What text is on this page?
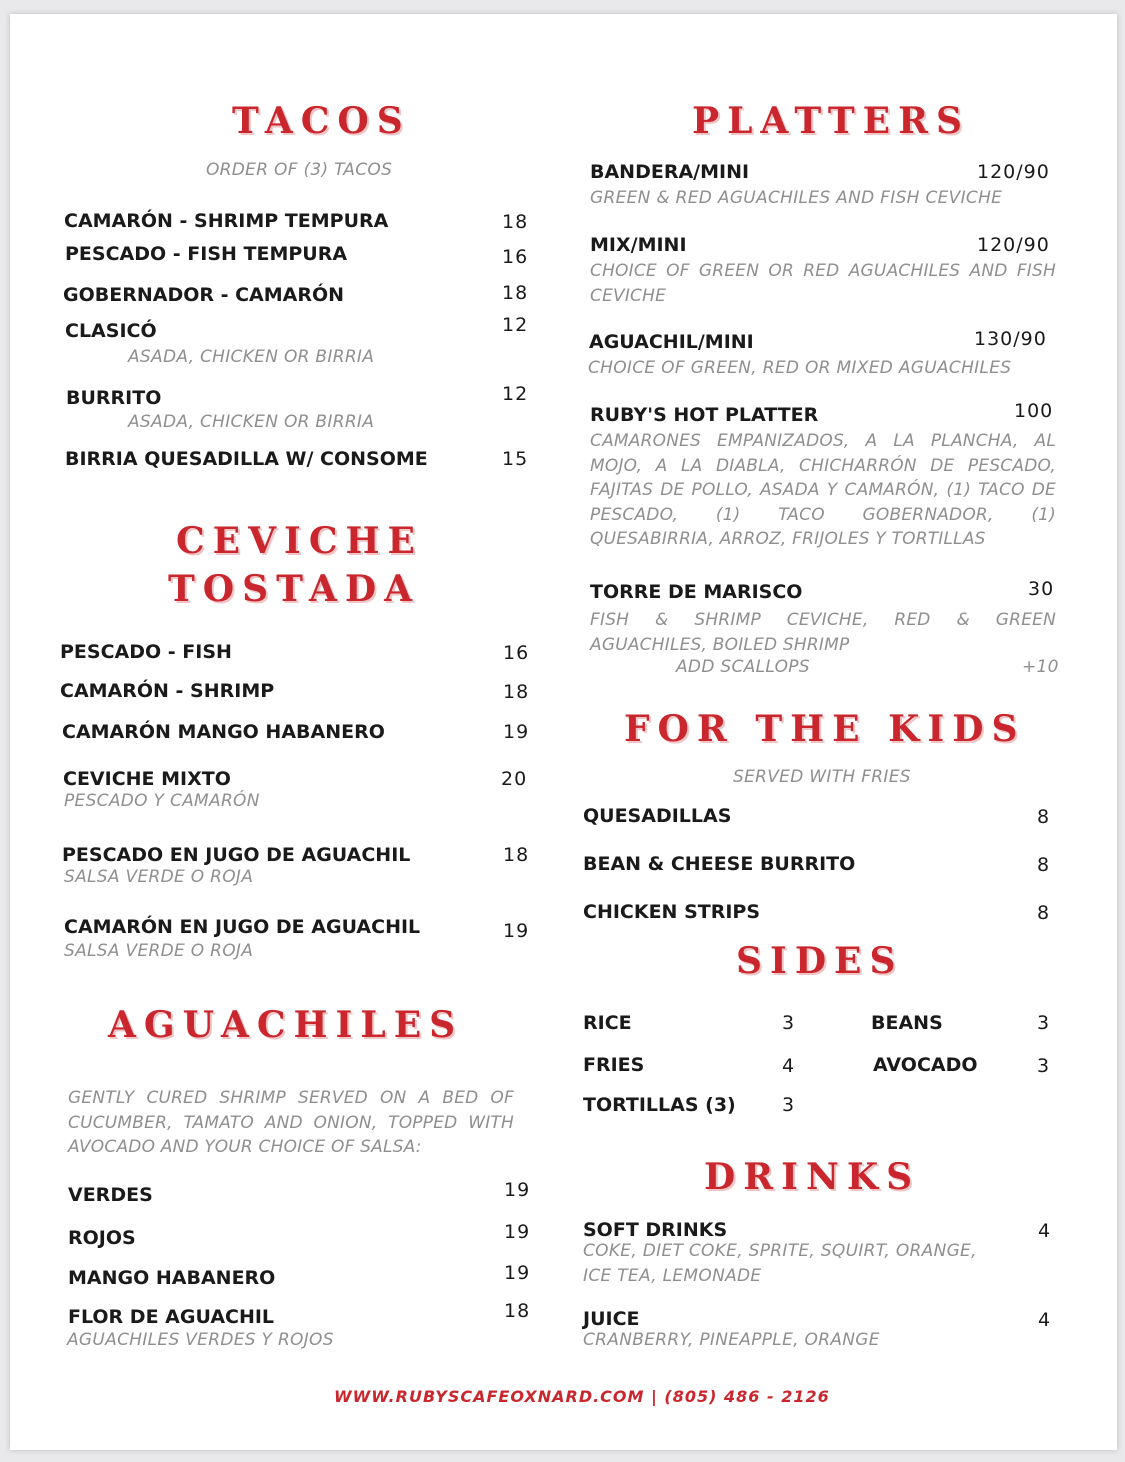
TACOS
ORDER OF (3) TACOS
CAMARÓN - SHRIMP TEMPURA	18
PESCADO - FISH TEMPURA	16
GOBERNADOR - CAMARÓN	18
CLASICÓ	12
ASADA, CHICKEN OR BIRRIA
BURRITO	12
ASADA, CHICKEN OR BIRRIA
BIRRIA QUESADILLA W/ CONSOME	15
CEVICHE
TOSTADA
PESCADO - FISH	16
CAMARÓN - SHRIMP	18
CAMARÓN MANGO HABANERO	19
CEVICHE MIXTO	20
PESCADO Y CAMARÓN
PESCADO EN JUGO DE AGUACHIL	18
SALSA VERDE O ROJA
CAMARÓN EN JUGO DE AGUACHIL	19
SALSA VERDE O ROJA
AGUACHILES
GENTLY CURED SHRIMP SERVED ON A BED OF CUCUMBER, TAMATO AND ONION, TOPPED WITH AVOCADO AND YOUR CHOICE OF SALSA:
VERDES	19
ROJOS	19
MANGO HABANERO	19
FLOR DE AGUACHIL	18
AGUACHILES VERDES Y ROJOS
PLATTERS
BANDERA/MINI	120/90
GREEN & RED AGUACHILES AND FISH CEVICHE
MIX/MINI	120/90
CHOICE OF GREEN OR RED AGUACHILES AND FISH CEVICHE
AGUACHIL/MINI	130/90
CHOICE OF GREEN, RED OR MIXED AGUACHILES
RUBY'S HOT PLATTER	100
CAMARONES EMPANIZADOS, A LA PLANCHA, AL MOJO, A LA DIABLA, CHICHARRÓN DE PESCADO, FAJITAS DE POLLO, ASADA Y CAMARÓN, (1) TACO DE PESCADO, (1) TACO GOBERNADOR, (1) QUESABIRRIA, ARROZ, FRIJOLES Y TORTILLAS
TORRE DE MARISCO	30
FISH & SHRIMP CEVICHE, RED & GREEN AGUACHILES, BOILED SHRIMP
ADD SCALLOPS	+10
FOR THE KIDS
SERVED WITH FRIES
QUESADILLAS	8
BEAN & CHEESE BURRITO	8
CHICKEN STRIPS	8
SIDES
RICE	3
FRIES	4
TORTILLAS (3) 3
BEANS	3
AVOCADO	3
DRINKS
SOFT DRINKS	4
COKE, DIET COKE, SPRITE, SQUIRT, ORANGE,
ICE TEA, LEMONADE
JUICE	4
CRANBERRY, PINEAPPLE, ORANGE
WWW.RUBYSCAFEOXNARD.COM | (805) 486 - 2126
